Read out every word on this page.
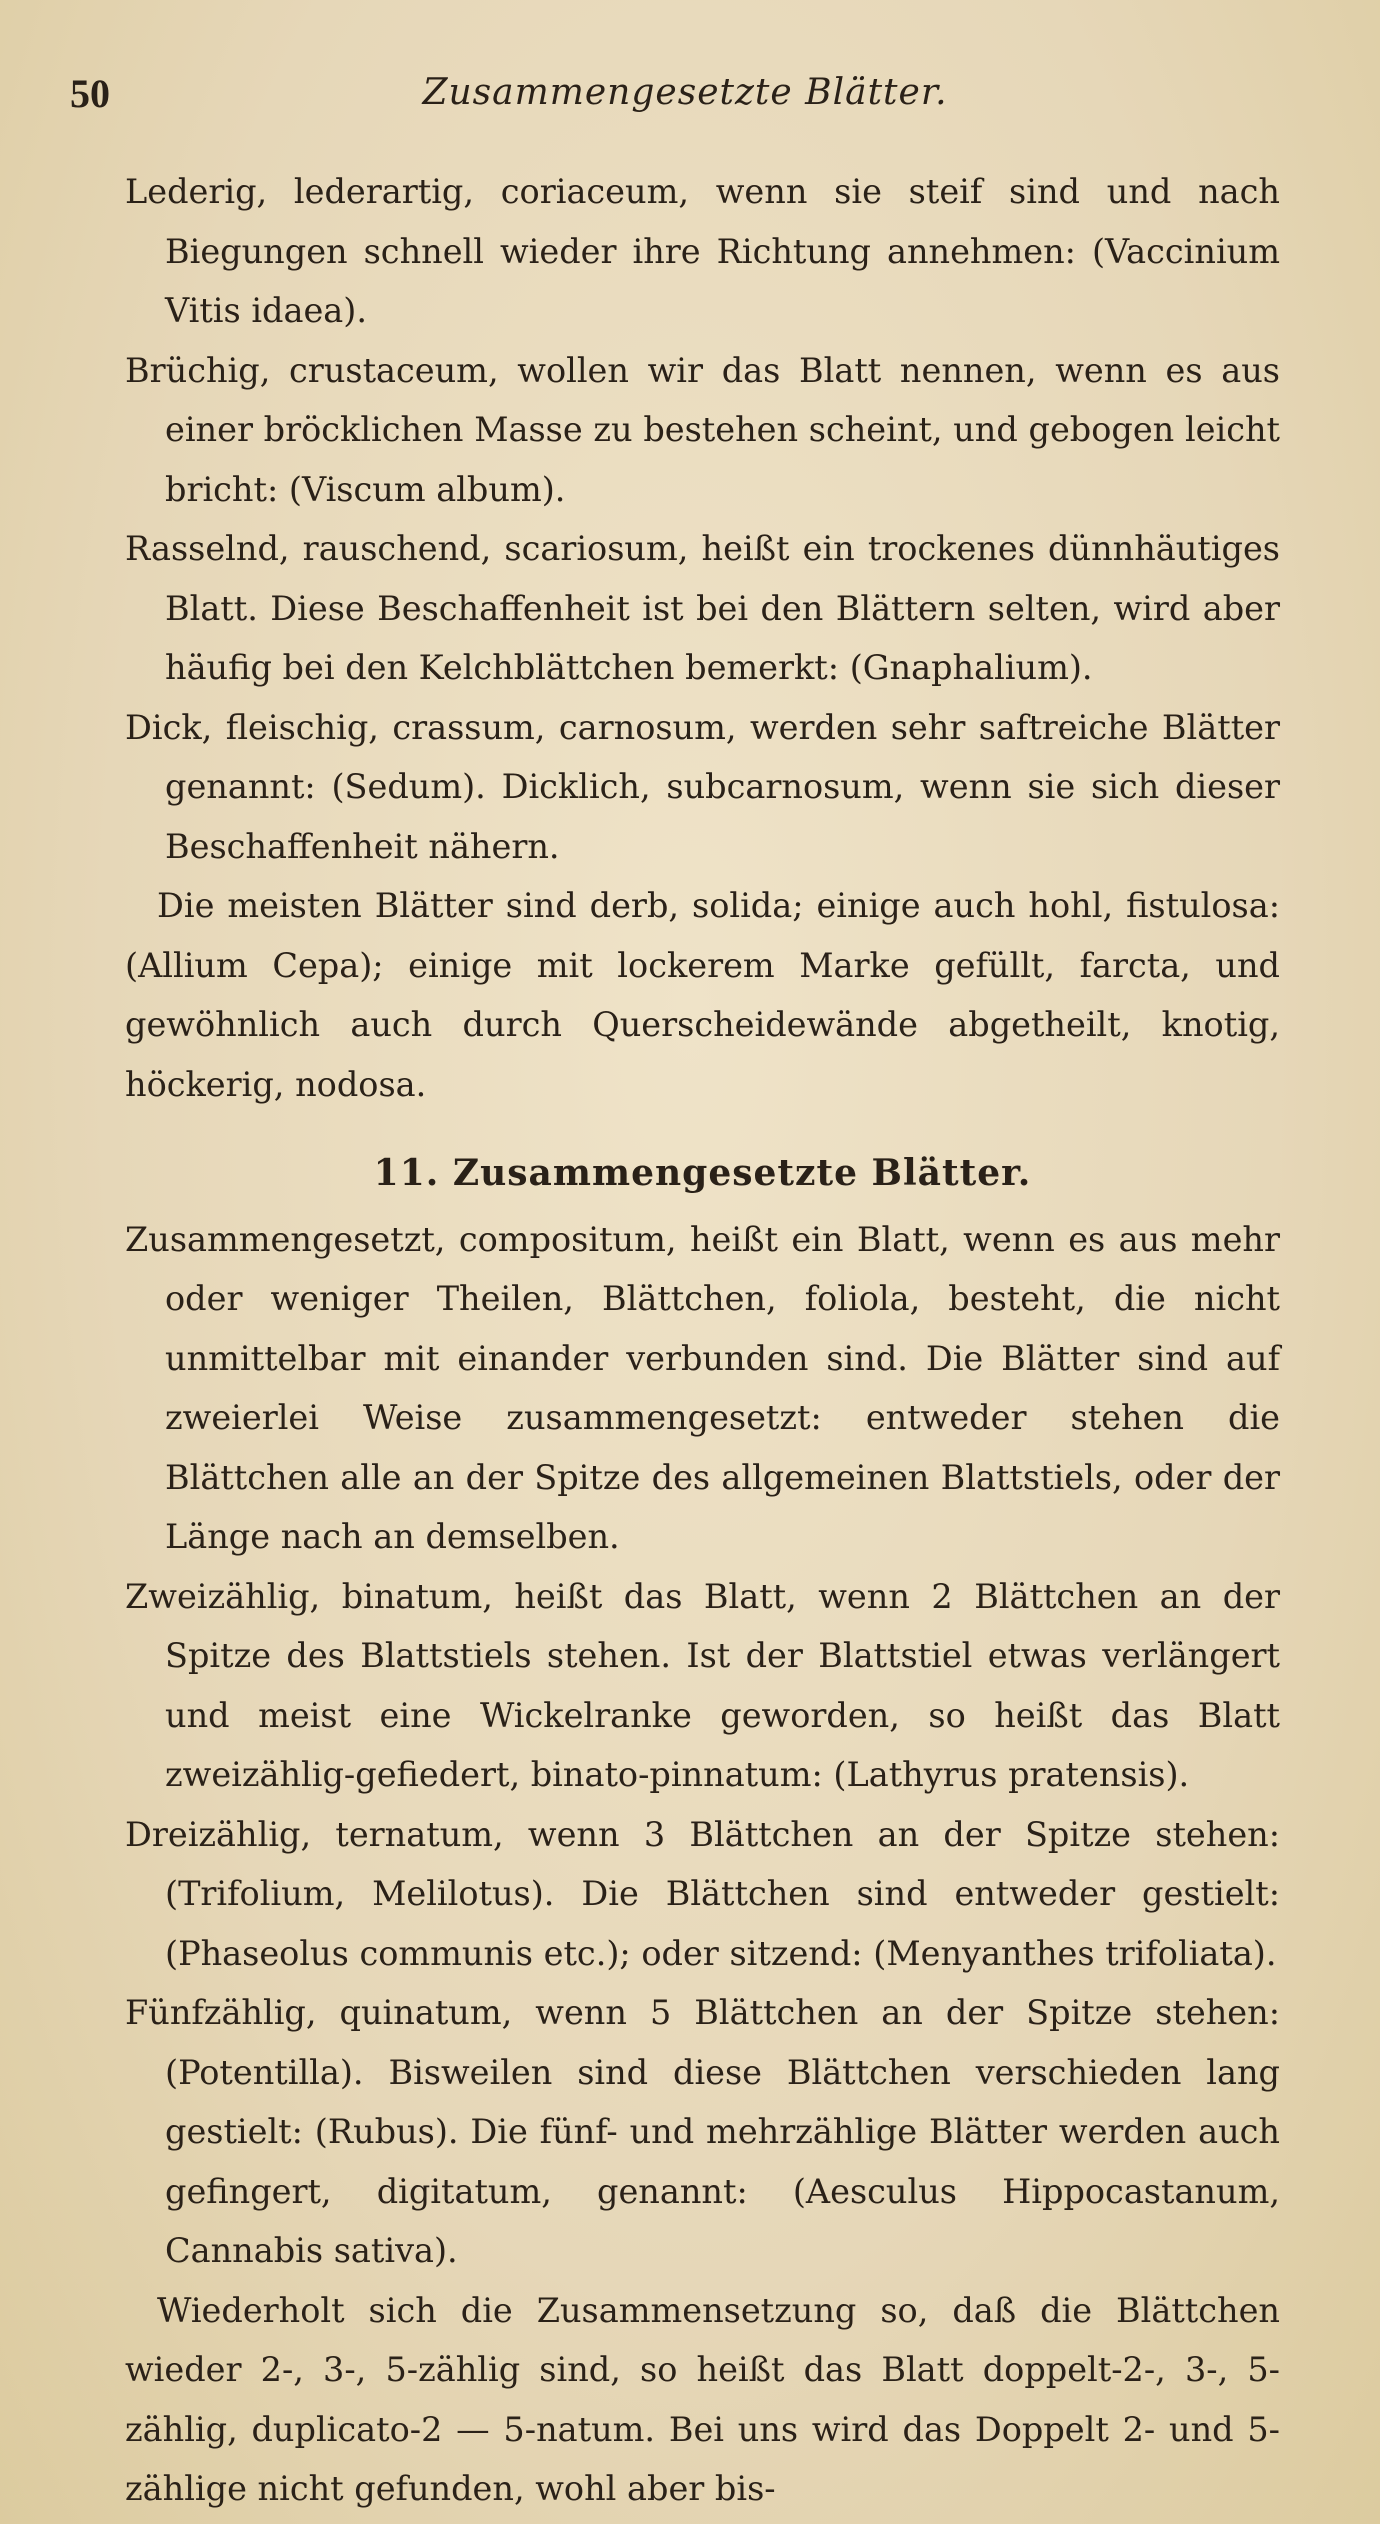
50	Zusammengesetzte Blätter.

Lederig, lederartig, coriaceum, wenn sie steif sind und nach Biegungen schnell wieder ihre Richtung annehmen: (Vaccinium Vitis idaea).

Brüchig, crustaceum, wollen wir das Blatt nennen, wenn es aus einer bröcklichen Masse zu bestehen scheint, und gebogen leicht bricht: (Viscum album).

Rasselnd, rauschend, scariosum, heißt ein trockenes dünnhäutiges Blatt. Diese Beschaffenheit ist bei den Blättern selten, wird aber häufig bei den Kelchblättchen bemerkt: (Gnaphalium).

Dick, fleischig, crassum, carnosum, werden sehr saftreiche Blätter genannt: (Sedum). Dicklich, subcarnosum, wenn sie sich dieser Beschaffenheit nähern.

Die meisten Blätter sind derb, solida; einige auch hohl, fistulosa: (Allium Cepa); einige mit lockerem Marke gefüllt, farcta, und gewöhnlich auch durch Querscheidewände abgetheilt, knotig, höckerig, nodosa.

11. Zusammengesetzte Blätter.

Zusammengesetzt, compositum, heißt ein Blatt, wenn es aus mehr oder weniger Theilen, Blättchen, foliola, besteht, die nicht unmittelbar mit einander verbunden sind. Die Blätter sind auf zweierlei Weise zusammengesetzt: entweder stehen die Blättchen alle an der Spitze des allgemeinen Blattstiels, oder der Länge nach an demselben.

Zweizählig, binatum, heißt das Blatt, wenn 2 Blättchen an der Spitze des Blattstiels stehen. Ist der Blattstiel etwas verlängert und meist eine Wickelranke geworden, so heißt das Blatt zweizählig-gefiedert, binato-pinnatum: (Lathyrus pratensis).

Dreizählig, ternatum, wenn 3 Blättchen an der Spitze stehen: (Trifolium, Melilotus). Die Blättchen sind entweder gestielt: (Phaseolus communis etc.); oder sitzend: (Menyanthes trifoliata).

Fünfzählig, quinatum, wenn 5 Blättchen an der Spitze stehen: (Potentilla). Bisweilen sind diese Blättchen verschieden lang gestielt: (Rubus). Die fünf- und mehrzählige Blätter werden auch gefingert, digitatum, genannt: (Aesculus Hippocastanum, Cannabis sativa).

Wiederholt sich die Zusammensetzung so, daß die Blättchen wieder 2-, 3-, 5-zählig sind, so heißt das Blatt doppelt-2-, 3-, 5-zählig, duplicato-2 — 5-natum. Bei uns wird das Doppelt 2- und 5-zählige nicht gefunden, wohl aber bis-
